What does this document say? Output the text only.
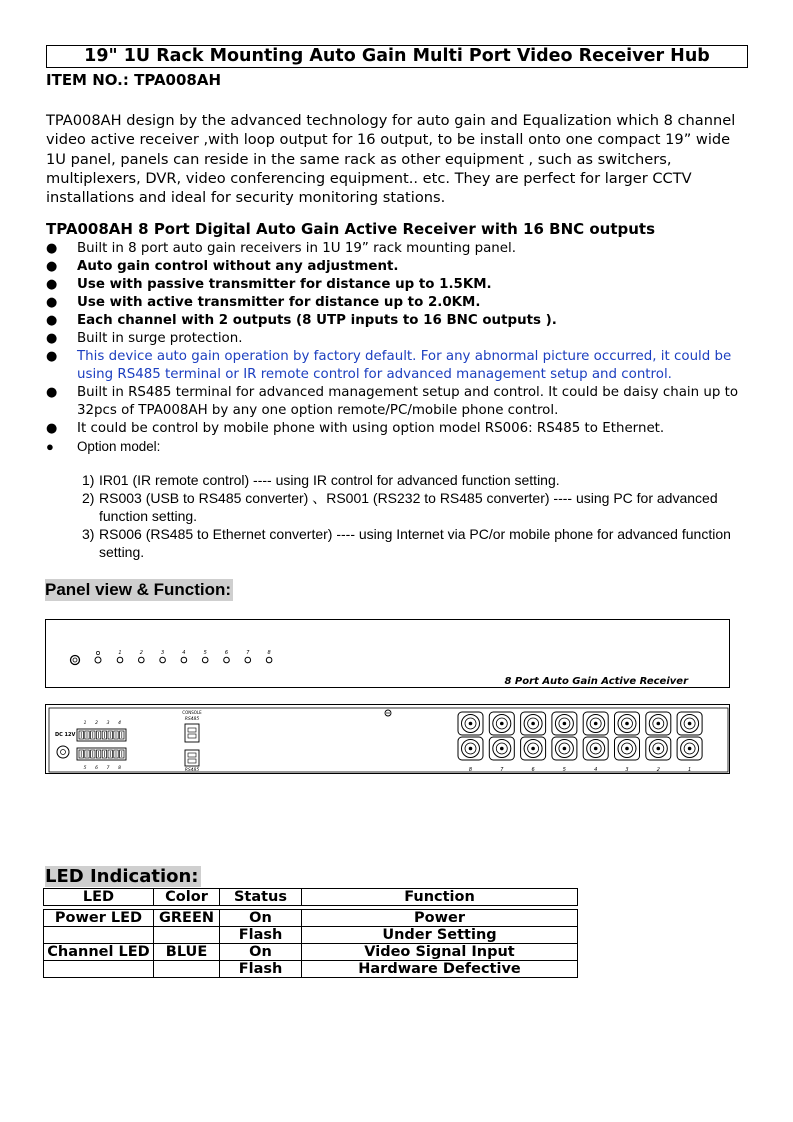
19" 1U Rack Mounting Auto Gain Multi Port Video Receiver Hub
ITEM NO.: TPA008AH
TPA008AH design by the advanced technology for auto gain and Equalization which 8 channel video active receiver ,with loop output for 16 output, to be install onto one compact 19” wide 1U panel, panels can reside in the same rack as other equipment , such as switchers, multiplexers, DVR, video conferencing equipment.. etc. They are perfect for larger CCTV installations and ideal for security monitoring stations.
TPA008AH 8 Port Digital Auto Gain Active Receiver with 16 BNC outputs
● Built in 8 port auto gain receivers in 1U 19” rack mounting panel.
● Auto gain control without any adjustment.
● Use with passive transmitter for distance up to 1.5KM.
● Use with active transmitter for distance up to 2.0KM.
● Each channel with 2 outputs (8 UTP inputs to 16 BNC outputs ).
● Built in surge protection.
● This device auto gain operation by factory default. For any abnormal picture occurred, it could be using RS485 terminal or IR remote control for advanced management setup and control.
● Built in RS485 terminal for advanced management setup and control. It could be daisy chain up to 32pcs of TPA008AH by any one option remote/PC/mobile phone control.
● It could be control by mobile phone with using option model RS006: RS485 to Ethernet.
● Option model:
1) IR01 (IR remote control) ---- using IR control for advanced function setting.
2) RS003 (USB to RS485 converter) 、RS001 (RS232 to RS485 converter) ---- using PC for advanced function setting.
3) RS006 (RS485 to Ethernet converter) ---- using Internet via PC/or mobile phone for advanced function setting.
Panel view & Function:
1	2	3	4	5	6	7	8
8 Port Auto Gain Active Receiver
DC 12V
1 2 3 4
5 6 7 8
CONSOLE
RS485
RS485	8	7	6	5	4	3	2	1
LED Indication:
LED	Color	Status	Function

Power LED	GREEN	On	Power
		Flash	Under Setting
Channel LED	BLUE	On	Video Signal Input
		Flash	Hardware Defective
